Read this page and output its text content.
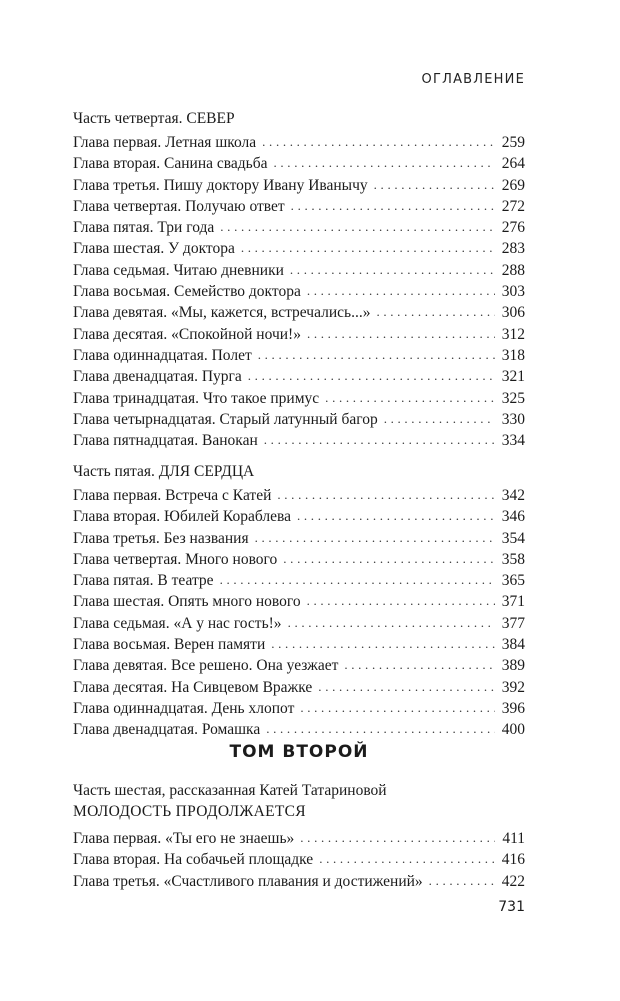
ОГЛАВЛЕНИЕ

Часть четвертая. СЕВЕР

Глава первая. Летная школа . . .	259
Глава вторая. Санина свадьба . . .	264
Глава третья. Пишу доктору Ивану Иванычу . . .	269
Глава четвертая. Получаю ответ . . .	272
Глава пятая. Три года . . .	276
Глава шестая. У доктора . . .	283
Глава седьмая. Читаю дневники . . .	288
Глава восьмая. Семейство доктора . . .	303
Глава девятая. «Мы, кажется, встречались...» . . .	306
Глава десятая. «Спокойной ночи!» . . .	312
Глава одиннадцатая. Полет . . .	318
Глава двенадцатая. Пурга . . .	321
Глава тринадцатая. Что такое примус . . .	325
Глава четырнадцатая. Старый латунный багор . . .	330
Глава пятнадцатая. Ванокан . . .	334

Часть пятая. ДЛЯ СЕРДЦА

Глава первая. Встреча с Катей . . .	342
Глава вторая. Юбилей Кораблева . . .	346
Глава третья. Без названия . . .	354
Глава четвертая. Много нового . . .	358
Глава пятая. В театре . . .	365
Глава шестая. Опять много нового . . .	371
Глава седьмая. «А у нас гость!» . . .	377
Глава восьмая. Верен памяти . . .	384
Глава девятая. Все решено. Она уезжает . . .	389
Глава десятая. На Сивцевом Вражке . . .	392
Глава одиннадцатая. День хлопот . . .	396
Глава двенадцатая. Ромашка . . .	400
ТОМ ВТОРОЙ

Часть шестая, рассказанная Катей Татариновой

МОЛОДОСТЬ ПРОДОЛЖАЕТСЯ

Глава первая. «Ты его не знаешь» . . .	411
Глава вторая. На собачьей площадке . . .	416
Глава третья. «Счастливого плавания и достижений» . . .	422
731
